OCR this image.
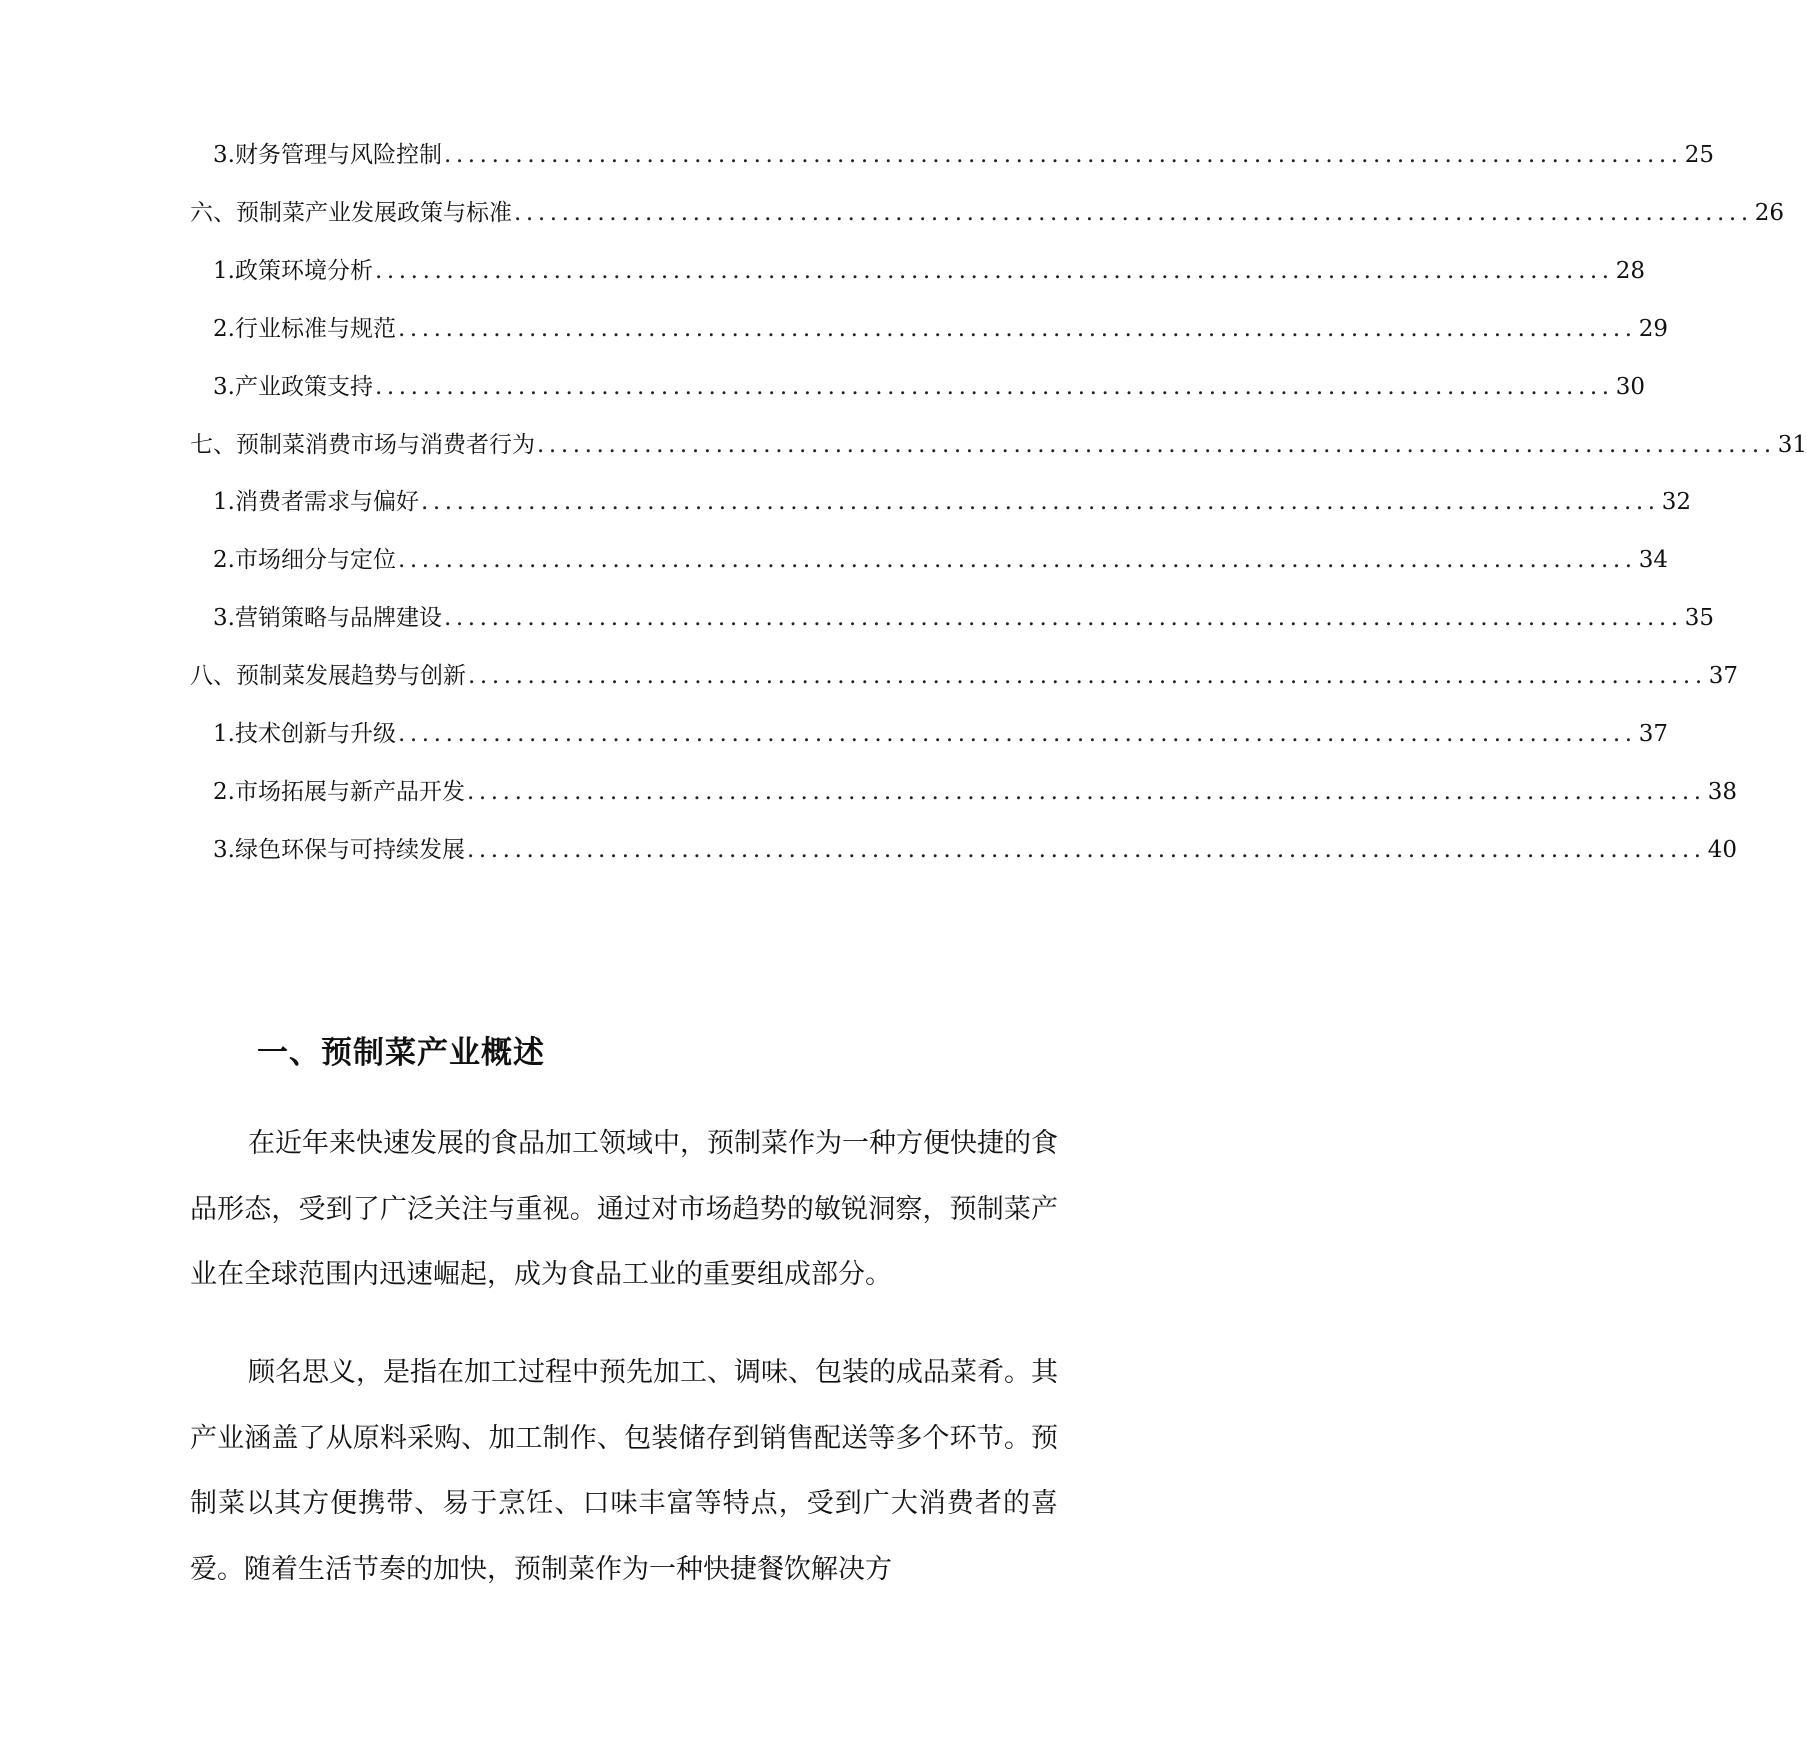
3. 财务管理与风险控制 ........................................................................................................ 25
六、预制菜产业发展政策与标准 ........................................................................................................ 26
1. 政策环境分析 ........................................................................................................ 28
2. 行业标准与规范 ........................................................................................................ 29
3. 产业政策支持 ........................................................................................................ 30
七、预制菜消费市场与消费者行为 ........................................................................................................ 31
1. 消费者需求与偏好 ........................................................................................................ 32
2. 市场细分与定位 ........................................................................................................ 34
3. 营销策略与品牌建设 ........................................................................................................ 35
八、预制菜发展趋势与创新 ........................................................................................................ 37
1. 技术创新与升级 ........................................................................................................ 37
2. 市场拓展与新产品开发 ........................................................................................................ 38
3. 绿色环保与可持续发展 ........................................................................................................ 40
一、预制菜产业概述

在近年来快速发展的食品加工领域中，预制菜作为一种方便快捷的食品形态，受到了广泛关注与重视。通过对市场趋势的敏锐洞察，预制菜产业在全球范围内迅速崛起，成为食品工业的重要组成部分。

顾名思义，是指在加工过程中预先加工、调味、包装的成品菜肴。其产业涵盖了从原料采购、加工制作、包装储存到销售配送等多个环节。预制菜以其方便携带、易于烹饪、口味丰富等特点，受到广大消费者的喜爱。随着生活节奏的加快，预制菜作为一种快捷餐饮解决方
